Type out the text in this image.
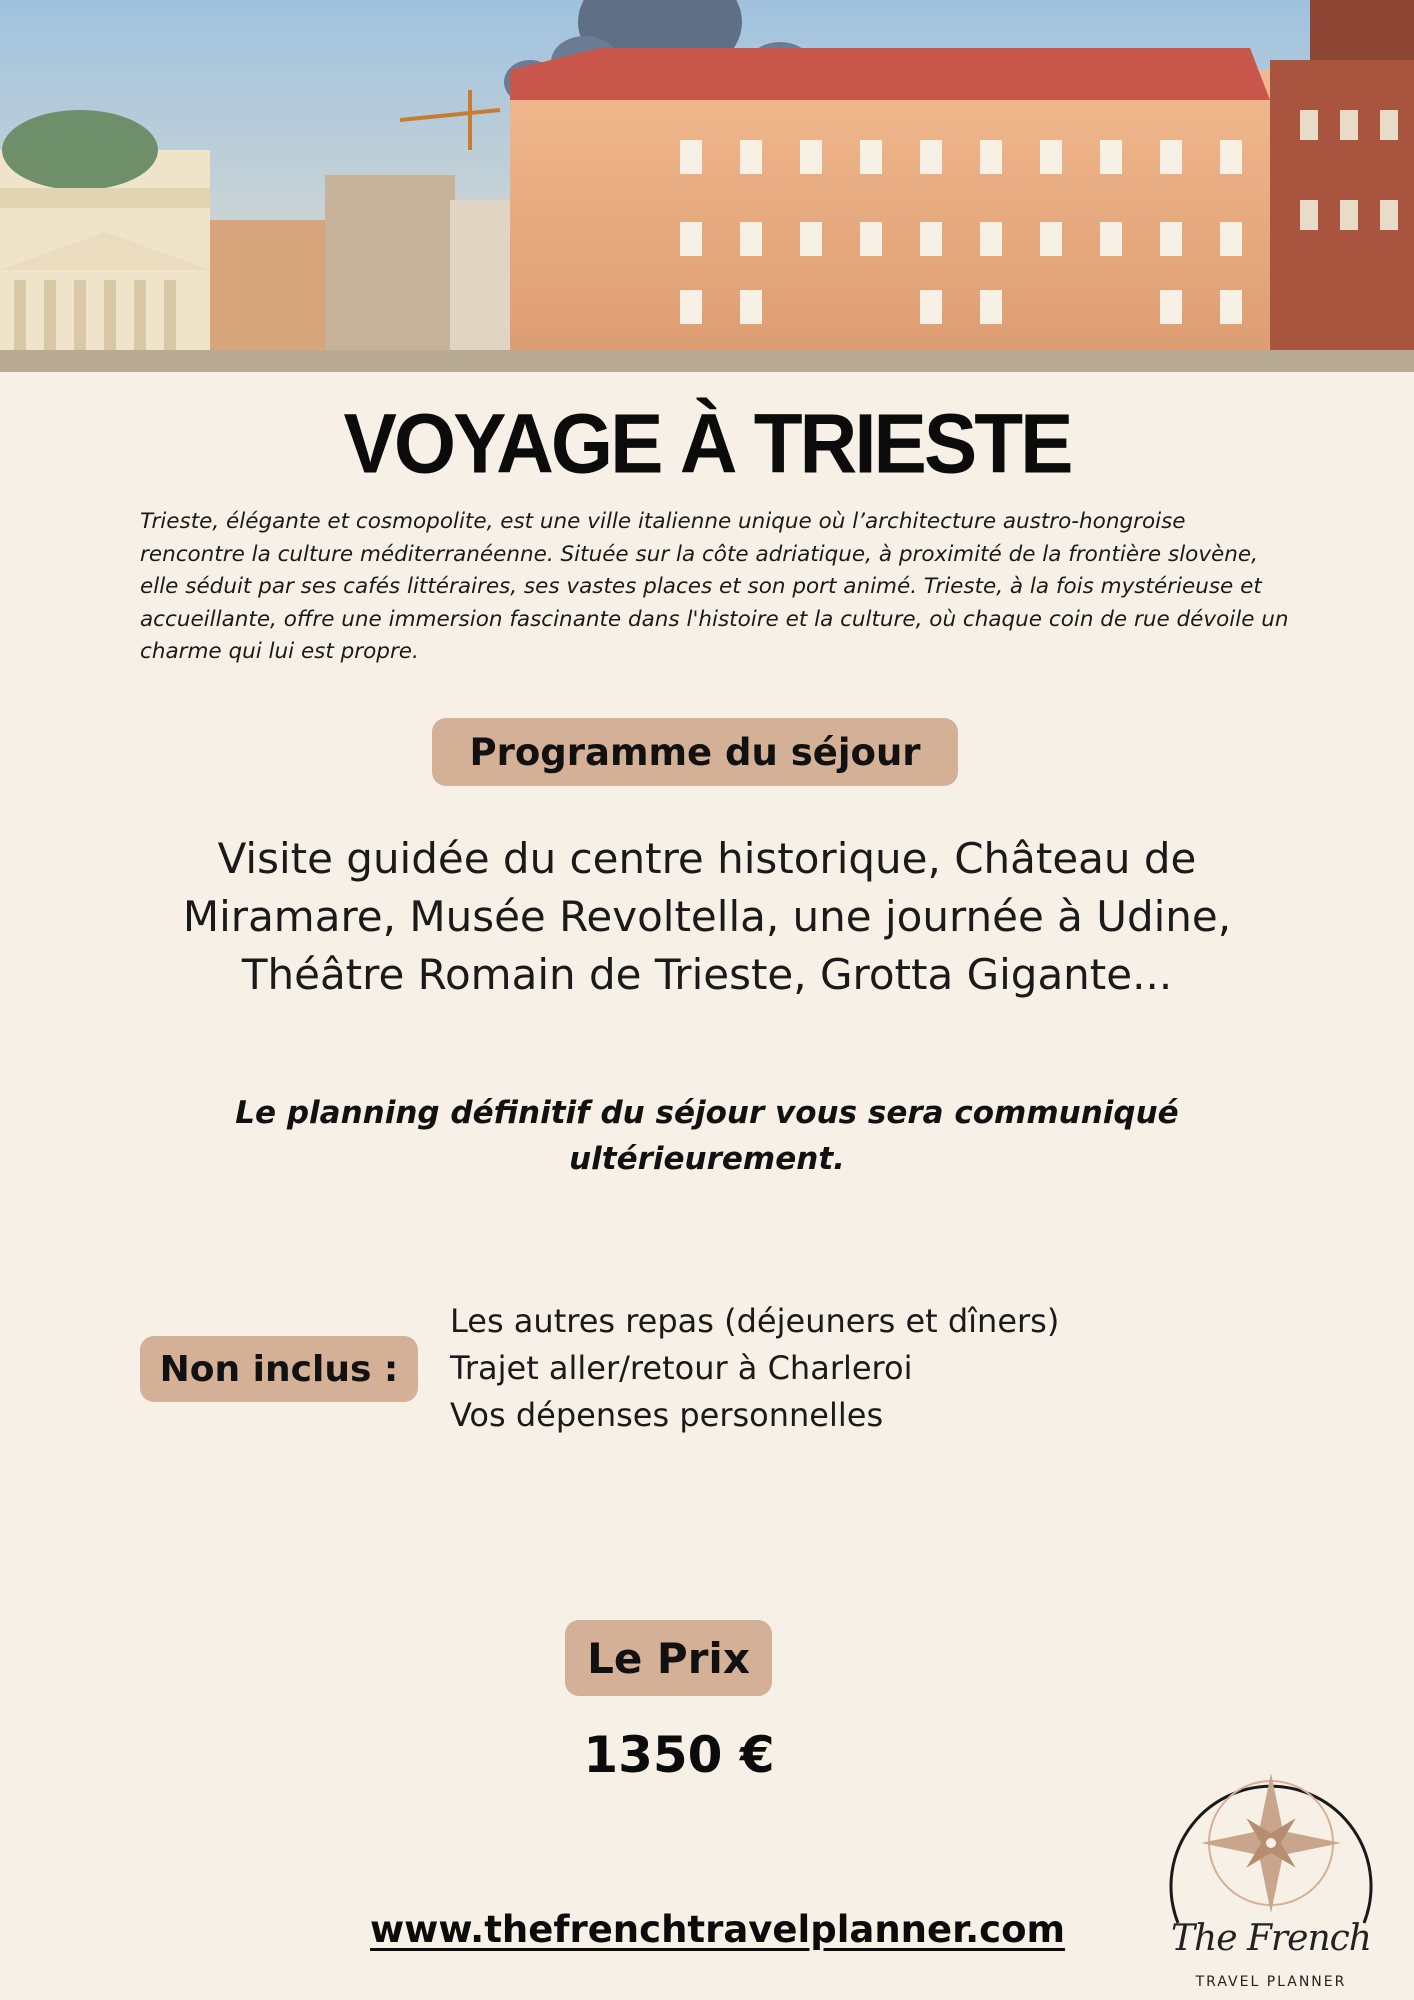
VOYAGE À TRIESTE
Trieste, élégante et cosmopolite, est une ville italienne unique où l’architecture austro-hongroise rencontre la culture méditerranéenne. Située sur la côte adriatique, à proximité de la frontière slovène, elle séduit par ses cafés littéraires, ses vastes places et son port animé. Trieste, à la fois mystérieuse et accueillante, offre une immersion fascinante dans l'histoire et la culture, où chaque coin de rue dévoile un charme qui lui est propre.
Programme du séjour
Visite guidée du centre historique, Château de Miramare, Musée Revoltella, une journée à Udine, Théâtre Romain de Trieste, Grotta Gigante...
Le planning définitif du séjour vous sera communiqué ultérieurement.
Non inclus :
Les autres repas (déjeuners et dîners)
Trajet aller/retour à Charleroi
Vos dépenses personnelles
Le Prix
1350 €
www.thefrenchtravelplanner.com	The French
TRAVEL PLANNER
